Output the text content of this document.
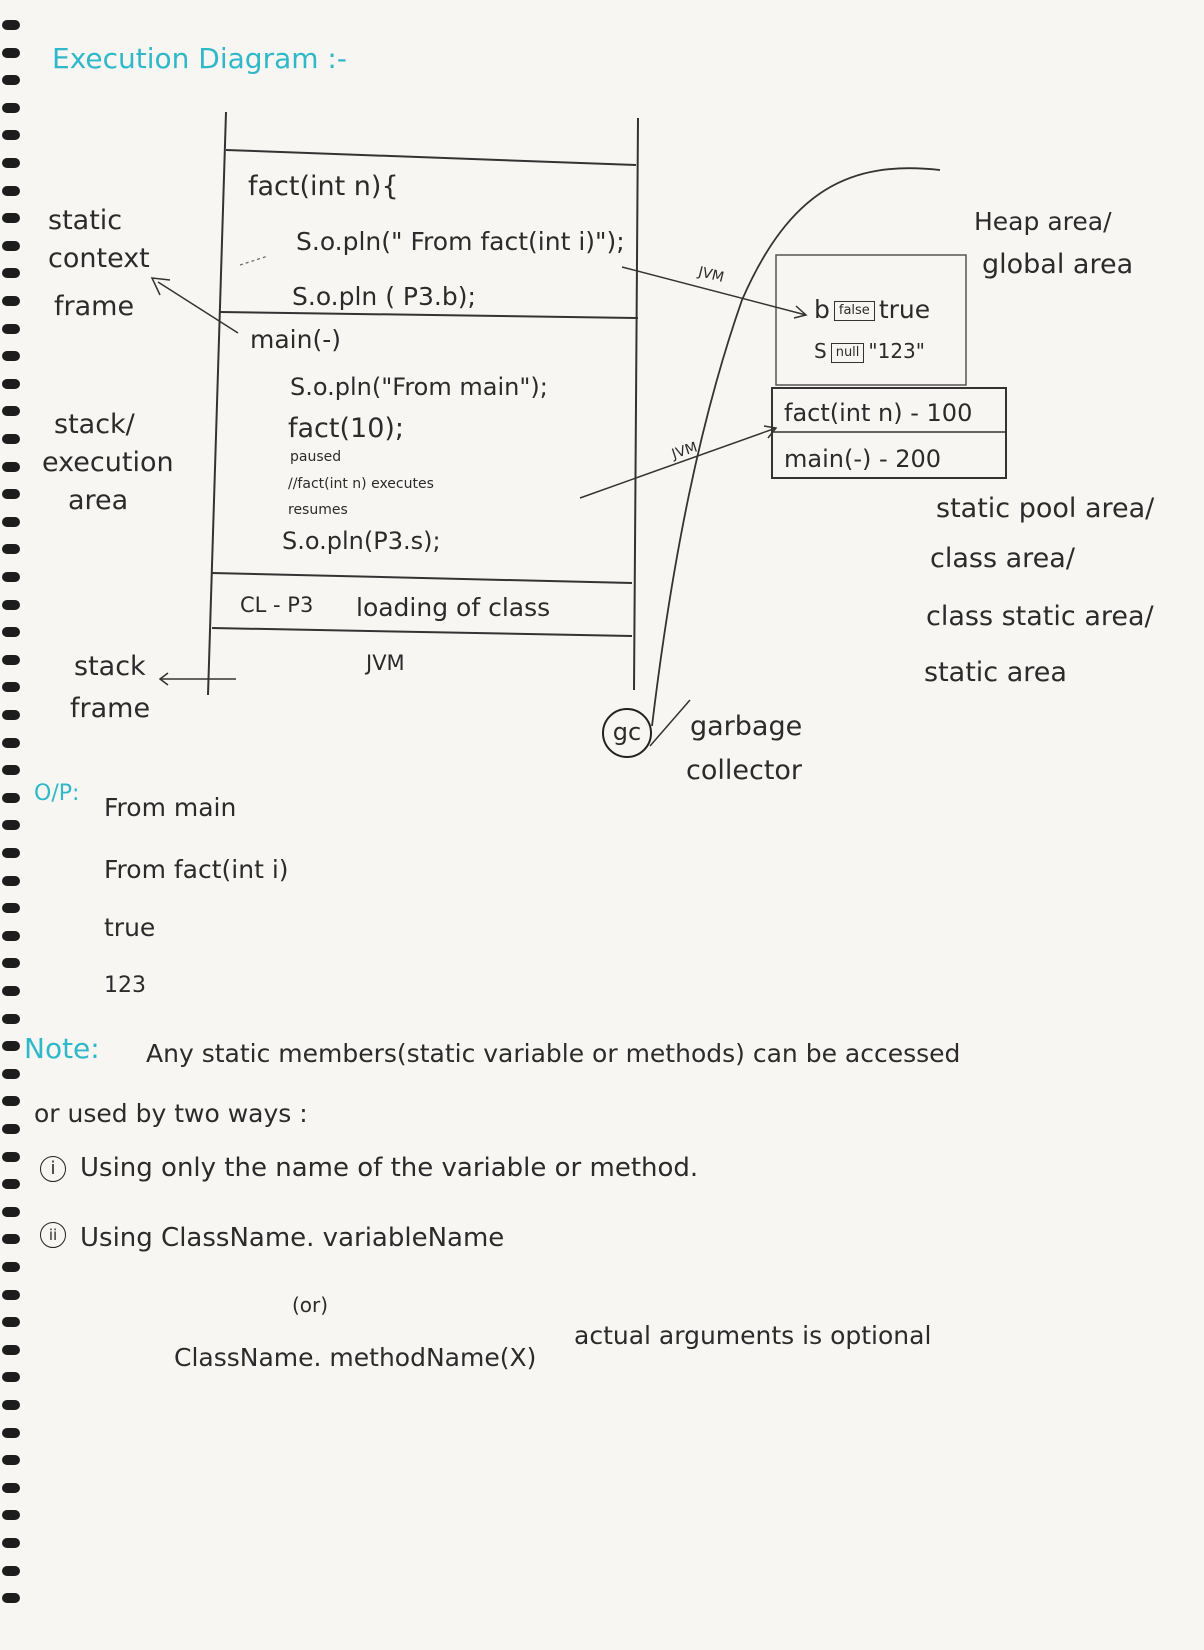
Execution Diagram :-
fact(int n){
S.o.pln(" From fact(int i)");
S.o.pln ( P3.b);
main(-)
S.o.pln("From main");
fact(10);
paused
//fact(int n) executes
resumes
S.o.pln(P3.s);
CL - P3 loading of class
JVM
static
context
frame
stack/
execution
area
stack
frame
JVM
JVM
Heap area/
global area
b false true
S null "123"
fact(int n) - 100
main(-) - 200
static pool area/
class area/
class static area/
static area
gc	garbage
collector
O/P: From main
From fact(int i)
true
123
Note: Any static members(static variable or methods) can be accessed
or used by two ways :
i Using only the name of the variable or method.
ii Using ClassName. variableName
(or)
ClassName. methodName(X)
actual arguments is optional
